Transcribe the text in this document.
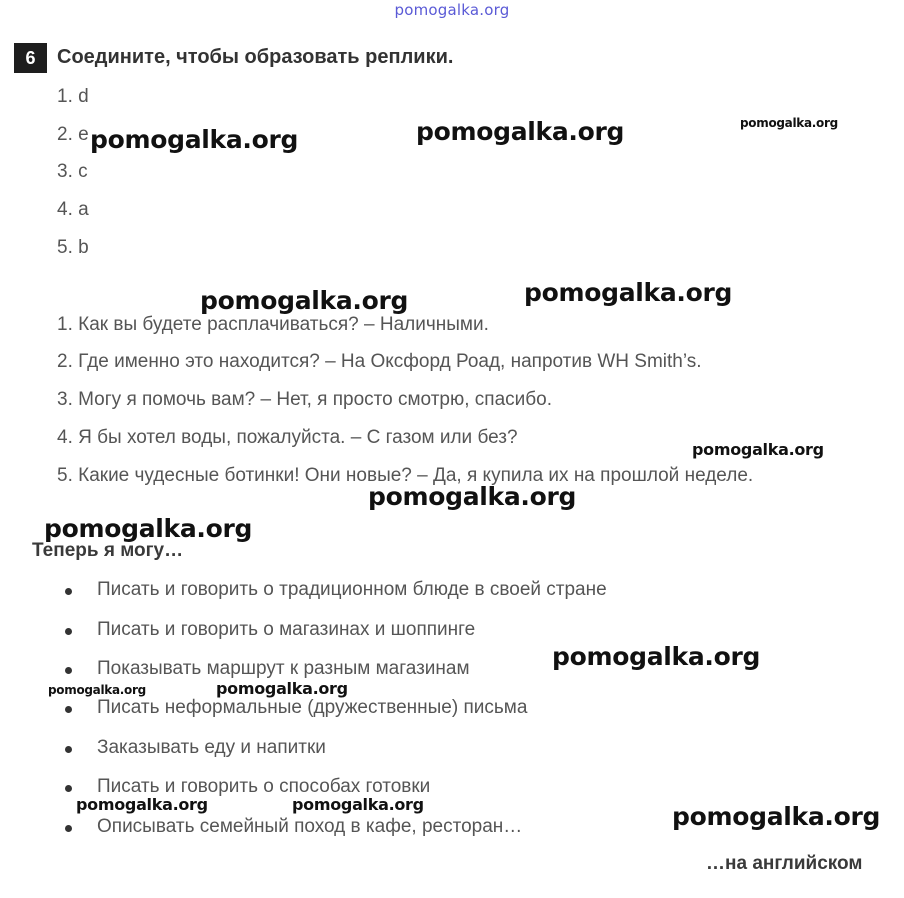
pomogalka.org
6	Соедините, чтобы образовать реплики.
1. d
2. e
3. c
4. a
5. b
1. Как вы будете расплачиваться? – Наличными.
2. Где именно это находится? – На Оксфорд Роад, напротив WH Smith’s.
3. Могу я помочь вам? – Нет, я просто смотрю, спасибо.
4. Я бы хотел воды, пожалуйста. – С газом или без?
5. Какие чудесные ботинки! Они новые? – Да, я купила их на прошлой неделе.
Теперь я могу…
Писать и говорить о традиционном блюде в своей стране
Писать и говорить о магазинах и шоппинге
Показывать маршрут к разным магазинам
Писать неформальные (дружественные) письма
Заказывать еду и напитки
Писать и говорить о способах готовки
Описывать семейный поход в кафе, ресторан…
…на английском
pomogalka.org	pomogalka.org	pomogalka.org
pomogalka.org	pomogalka.org
pomogalka.org
pomogalka.org
pomogalka.org
pomogalka.org
pomogalka.org	pomogalka.org
pomogalka.org	pomogalka.org	pomogalka.org
